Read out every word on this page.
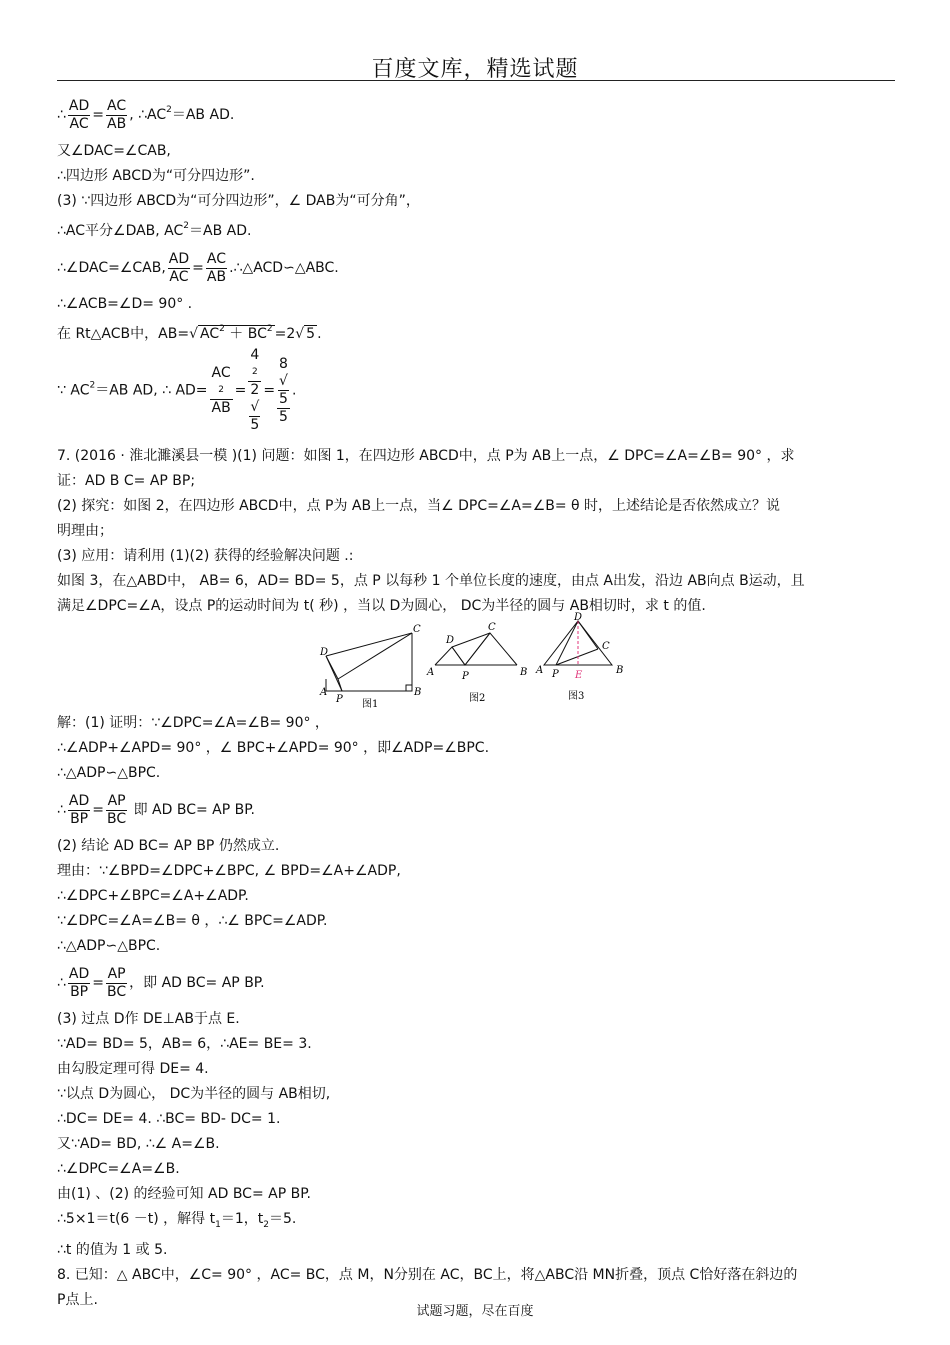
百度文库，精选试题
∴ $\frac{AD}{AC} = \frac{AC}{AB}$ , $\therefore AC^2=AB$ AD.
又∠DAC=∠CAB,
∴四边形 ABCD为“可分四边形”.
(3) ∵四边形 ABCD为“可分四边形”，∠ DAB为“可分角”，
∴AC平分∠DAB, $AC^2=AB$ AD.
∴∠DAC=∠CAB, $\frac{AD}{AC} = \frac{AC}{AB}$ .∴△ACD∽△ABC.
∴∠ACB=∠D= 90° .
在 Rt△ACB中，AB=√ $AC^2 + BC^2 =2√$ 5 .
∵ $AC^2=AB$ AD, ∴ AD= AC
2
AB = 4
2
2
√
5 = 8
√
5
5 .
7. (2016 · 淮北濉溪县一模 )(1) 问题：如图 1，在四边形 ABCD中，点 P为 AB上一点，∠ DPC=∠A=∠B= 90° ，求
证：AD B C= AP BP;
(2) 探究：如图 2，在四边形 ABCD中，点 P为 AB上一点，当∠ DPC=∠A=∠B= θ 时，上述结论是否依然成立？说
明理由；
(3) 应用：请利用 (1)(2) 获得的经验解决问题 .:
如图 3，在△ABD中， AB= 6，AD= BD= 5，点 P 以每秒 1 个单位长度的速度，由点 A出发，沿边 AB向点 B运动，且
满足∠DPC=∠A，设点 P的运动时间为 t( 秒) ，当以 D为圆心， DC为半径的圆与 AB相切时，求 t 的值.
A	B
C
D
P 图1
A	B
C
D
P
图2
A	B
C
D
P E
图3
解：(1) 证明：∵∠DPC=∠A=∠B= 90° ，
∴∠ADP+∠APD= 90° ，∠ BPC+∠APD= 90° ，即∠ADP=∠BPC.
∴△ADP∽△BPC.
∴ $\frac{AD}{BP} = \frac{AP}{BC}$ 即 AD BC= AP BP.
(2) 结论 AD BC= AP BP 仍然成立.
理由：∵∠BPD=∠DPC+∠BPC, ∠ BPD=∠A+∠ADP,
∴∠DPC+∠BPC=∠A+∠ADP.
∵∠DPC=∠A=∠B= θ ，∴∠ BPC=∠ADP.
∴△ADP∽△BPC.
∴ $\frac{AD}{BP} = \frac{AP}{BC}$ ，即 AD BC= AP BP.
(3) 过点 D作 DE⊥AB于点 E.
∵AD= BD= 5，AB= 6，∴AE= BE= 3.
由勾股定理可得 DE= 4.
∵以点 D为圆心， DC为半径的圆与 AB相切,
∴DC= DE= 4. ∴BC= BD- DC= 1.
又∵AD= BD, ∴∠ A=∠B.
∴∠DPC=∠A=∠B.
由(1) 、(2) 的经验可知 AD BC= AP BP.
∴5×1＝t(6 －t) ，解得 $t_1=1$，$t_2=5$.
∴t 的值为 1 或 5.
8. 已知：△ ABC中，∠C= 90° ，AC= BC，点 M，N分别在 AC，BC上，将△ABC沿 MN折叠，顶点 C恰好落在斜边的
P点上.
试题习题，尽在百度
